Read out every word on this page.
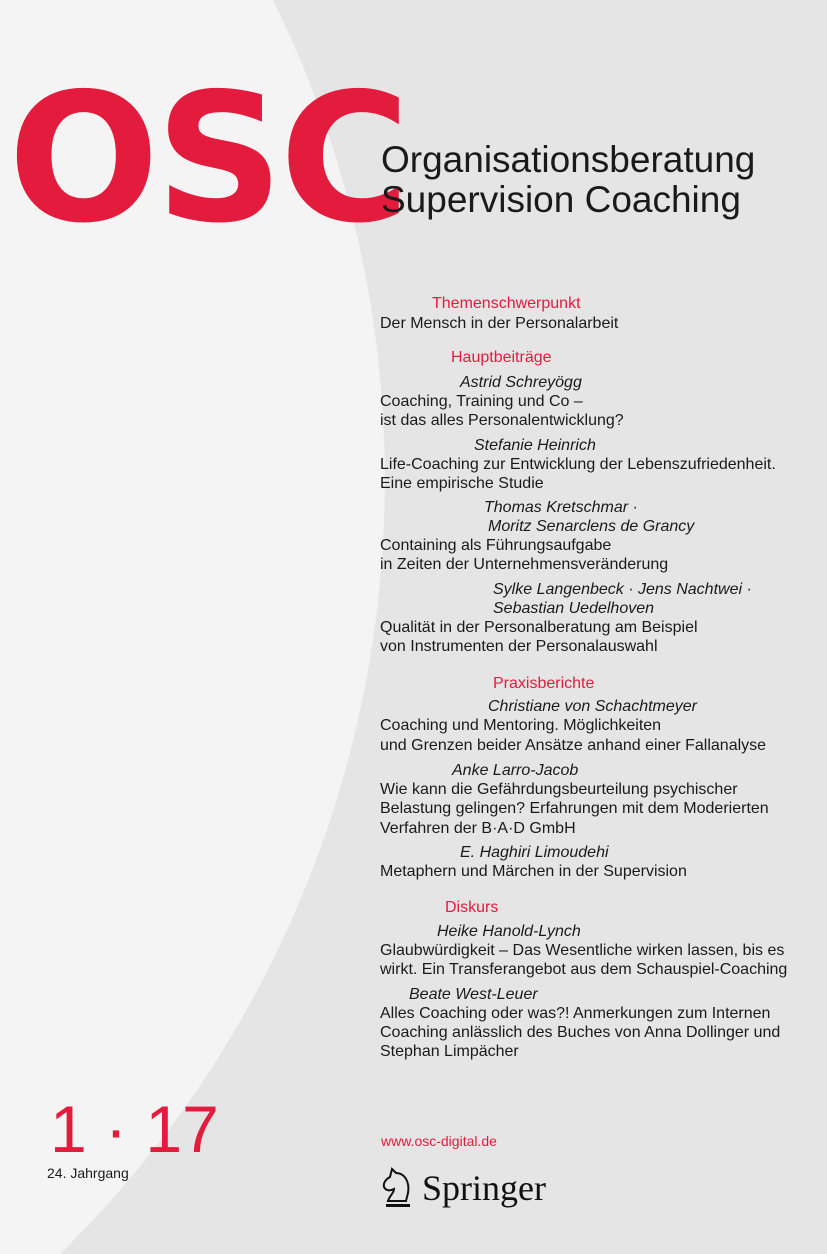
OSC
Organisationsberatung
Supervision Coaching
Themenschwerpunkt
Der Mensch in der Personalarbeit
Hauptbeiträge
Astrid Schreyögg
Coaching, Training und Co –
ist das alles Personalentwicklung?
Stefanie Heinrich
Life-Coaching zur Entwicklung der Lebenszufriedenheit.
Eine empirische Studie
Thomas Kretschmar ·
Moritz Senarclens de Grancy
Containing als Führungsaufgabe
in Zeiten der Unternehmensveränderung
Sylke Langenbeck · Jens Nachtwei ·
Sebastian Uedelhoven
Qualität in der Personalberatung am Beispiel
von Instrumenten der Personalauswahl
Praxisberichte
Christiane von Schachtmeyer
Coaching und Mentoring. Möglichkeiten
und Grenzen beider Ansätze anhand einer Fallanalyse
Anke Larro-Jacob
Wie kann die Gefährdungsbeurteilung psychischer
Belastung gelingen? Erfahrungen mit dem Moderierten
Verfahren der B·A·D GmbH
E. Haghiri Limoudehi
Metaphern und Märchen in der Supervision
Diskurs
Heike Hanold-Lynch
Glaubwürdigkeit – Das Wesentliche wirken lassen, bis es
wirkt. Ein Transferangebot aus dem Schauspiel-Coaching
Beate West-Leuer
Alles Coaching oder was?! Anmerkungen zum Internen
Coaching anlässlich des Buches von Anna Dollinger und
Stephan Limpächer
1 · 17
24. Jahrgang
www.osc-digital.de
Springer
